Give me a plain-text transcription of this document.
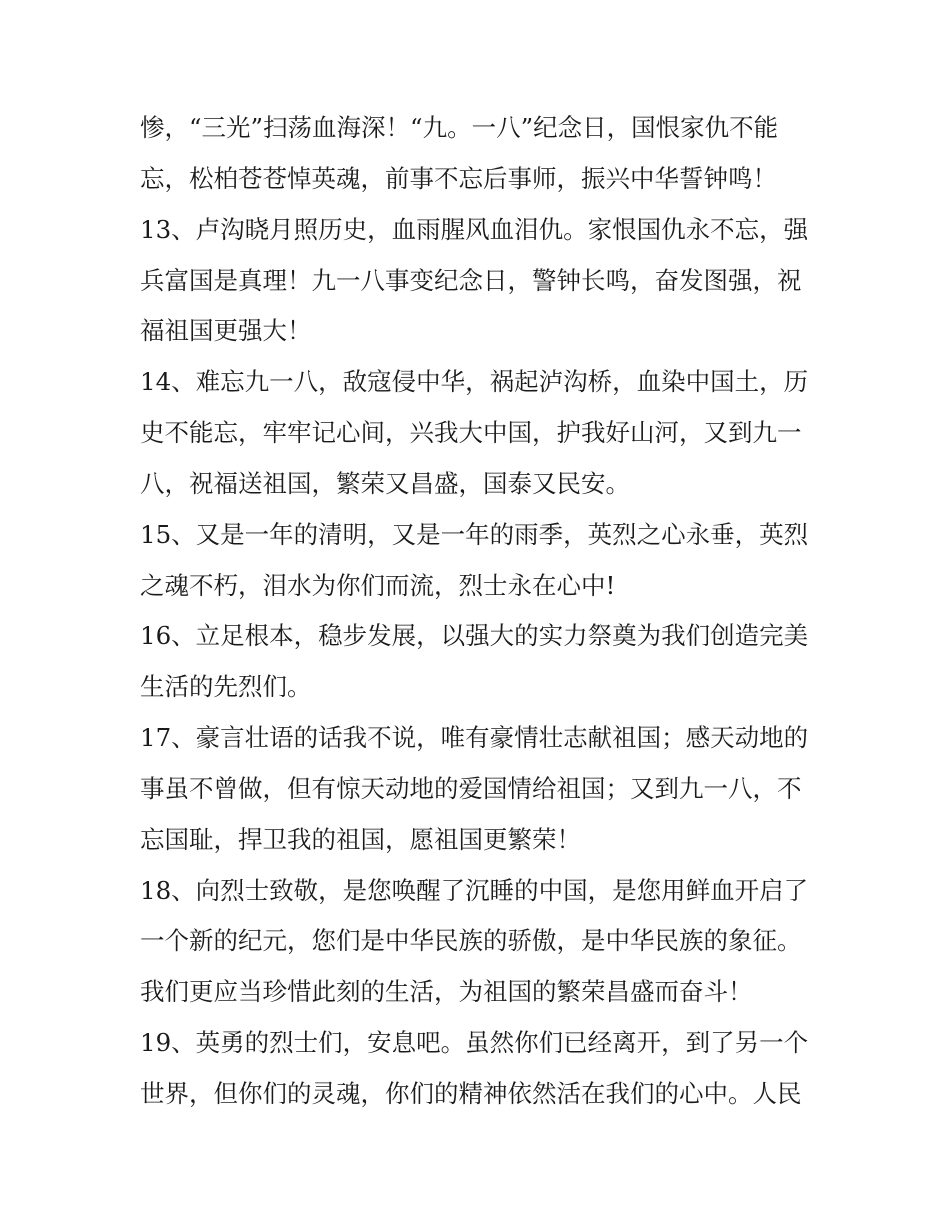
惨，“三光”扫荡血海深！“九。一八”纪念日，国恨家仇不能
忘，松柏苍苍悼英魂，前事不忘后事师，振兴中华誓钟鸣！
13、卢沟晓月照历史，血雨腥风血泪仇。家恨国仇永不忘，强
兵富国是真理！九一八事变纪念日，警钟长鸣，奋发图强，祝
福祖国更强大！
14、难忘九一八，敌寇侵中华，祸起泸沟桥，血染中国土，历
史不能忘，牢牢记心间，兴我大中国，护我好山河，又到九一
八，祝福送祖国，繁荣又昌盛，国泰又民安。
15、又是一年的清明，又是一年的雨季，英烈之心永垂，英烈
之魂不朽，泪水为你们而流，烈士永在心中!
16、立足根本，稳步发展，以强大的实力祭奠为我们创造完美
生活的先烈们。
17、豪言壮语的话我不说，唯有豪情壮志献祖国；感天动地的
事虽不曾做，但有惊天动地的爱国情给祖国；又到九一八，不
忘国耻，捍卫我的祖国，愿祖国更繁荣！
18、向烈士致敬，是您唤醒了沉睡的中国，是您用鲜血开启了
一个新的纪元，您们是中华民族的骄傲，是中华民族的象征。
我们更应当珍惜此刻的生活，为祖国的繁荣昌盛而奋斗！
19、英勇的烈士们，安息吧。虽然你们已经离开，到了另一个
世界，但你们的灵魂，你们的精神依然活在我们的心中。人民
